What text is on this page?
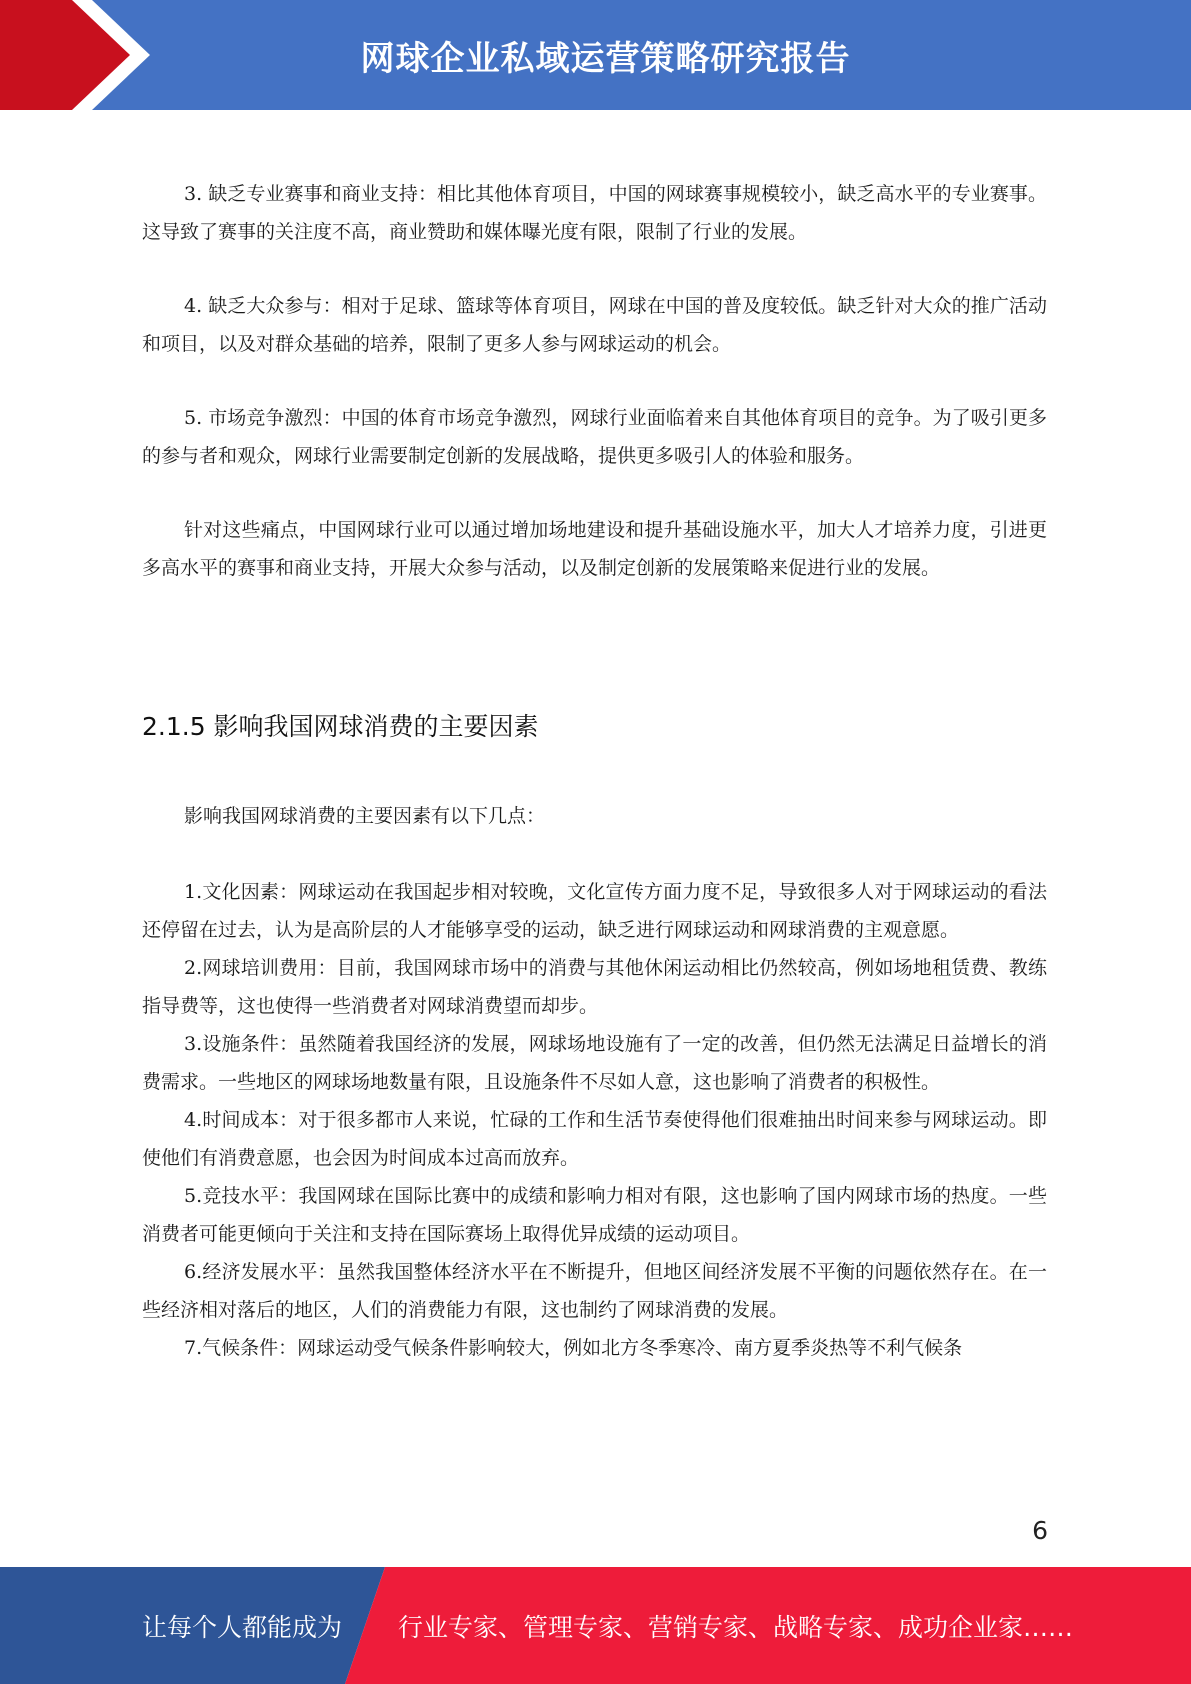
网球企业私域运营策略研究报告

3. 缺乏专业赛事和商业支持：相比其他体育项目，中国的网球赛事规模较小，缺乏高水平的专业赛事。这导致了赛事的关注度不高，商业赞助和媒体曝光度有限，限制了行业的发展。

4. 缺乏大众参与：相对于足球、篮球等体育项目，网球在中国的普及度较低。缺乏针对大众的推广活动和项目，以及对群众基础的培养，限制了更多人参与网球运动的机会。

5. 市场竞争激烈：中国的体育市场竞争激烈，网球行业面临着来自其他体育项目的竞争。为了吸引更多的参与者和观众，网球行业需要制定创新的发展战略，提供更多吸引人的体验和服务。

针对这些痛点，中国网球行业可以通过增加场地建设和提升基础设施水平，加大人才培养力度，引进更多高水平的赛事和商业支持，开展大众参与活动，以及制定创新的发展策略来促进行业的发展。

2.1.5 影响我国网球消费的主要因素

影响我国网球消费的主要因素有以下几点：

1.文化因素：网球运动在我国起步相对较晚，文化宣传方面力度不足，导致很多人对于网球运动的看法还停留在过去，认为是高阶层的人才能够享受的运动，缺乏进行网球运动和网球消费的主观意愿。

2.网球培训费用：目前，我国网球市场中的消费与其他休闲运动相比仍然较高，例如场地租赁费、教练指导费等，这也使得一些消费者对网球消费望而却步。

3.设施条件：虽然随着我国经济的发展，网球场地设施有了一定的改善，但仍然无法满足日益增长的消费需求。一些地区的网球场地数量有限，且设施条件不尽如人意，这也影响了消费者的积极性。

4.时间成本：对于很多都市人来说，忙碌的工作和生活节奏使得他们很难抽出时间来参与网球运动。即使他们有消费意愿，也会因为时间成本过高而放弃。

5.竞技水平：我国网球在国际比赛中的成绩和影响力相对有限，这也影响了国内网球市场的热度。一些消费者可能更倾向于关注和支持在国际赛场上取得优异成绩的运动项目。

6.经济发展水平：虽然我国整体经济水平在不断提升，但地区间经济发展不平衡的问题依然存在。在一些经济相对落后的地区，人们的消费能力有限，这也制约了网球消费的发展。

7.气候条件：网球运动受气候条件影响较大，例如北方冬季寒冷、南方夏季炎热等不利气候条

6
让每个人都能成为 行业专家、管理专家、营销专家、战略专家、成功企业家……
